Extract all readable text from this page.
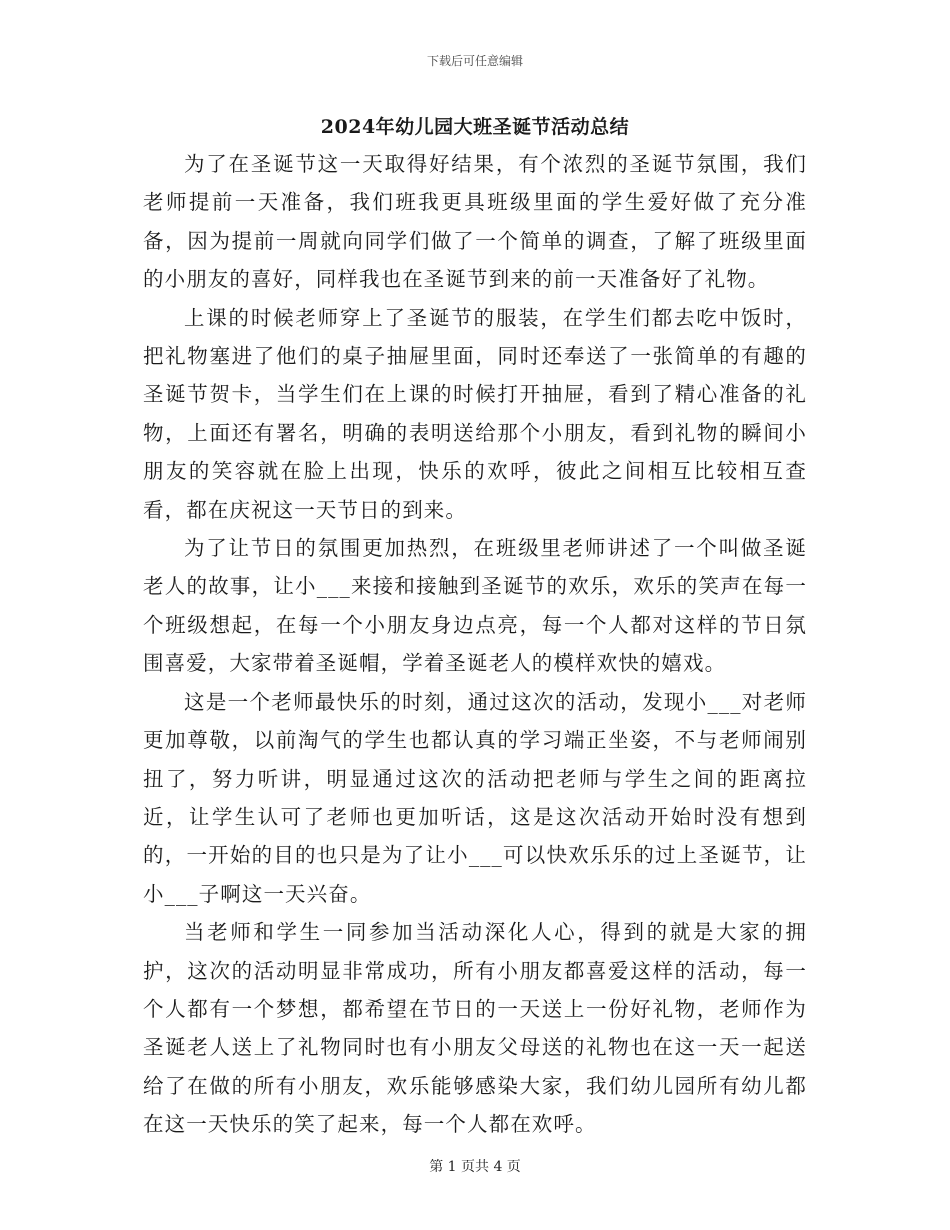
下载后可任意编辑
2024年幼儿园大班圣诞节活动总结

为了在圣诞节这一天取得好结果，有个浓烈的圣诞节氛围，我们老师提前一天准备，我们班我更具班级里面的学生爱好做了充分准备，因为提前一周就向同学们做了一个简单的调查，了解了班级里面的小朋友的喜好，同样我也在圣诞节到来的前一天准备好了礼物。

上课的时候老师穿上了圣诞节的服装，在学生们都去吃中饭时，把礼物塞进了他们的桌子抽屉里面，同时还奉送了一张简单的有趣的圣诞节贺卡，当学生们在上课的时候打开抽屉，看到了精心准备的礼物，上面还有署名，明确的表明送给那个小朋友，看到礼物的瞬间小朋友的笑容就在脸上出现，快乐的欢呼，彼此之间相互比较相互查看，都在庆祝这一天节日的到来。

为了让节日的氛围更加热烈，在班级里老师讲述了一个叫做圣诞老人的故事，让小___来接和接触到圣诞节的欢乐，欢乐的笑声在每一个班级想起，在每一个小朋友身边点亮，每一个人都对这样的节日氛围喜爱，大家带着圣诞帽，学着圣诞老人的模样欢快的嬉戏。

这是一个老师最快乐的时刻，通过这次的活动，发现小___对老师更加尊敬，以前淘气的学生也都认真的学习端正坐姿，不与老师闹别扭了，努力听讲，明显通过这次的活动把老师与学生之间的距离拉近，让学生认可了老师也更加听话，这是这次活动开始时没有想到的，一开始的目的也只是为了让小___可以快欢乐乐的过上圣诞节，让小___子啊这一天兴奋。

当老师和学生一同参加当活动深化人心，得到的就是大家的拥护，这次的活动明显非常成功，所有小朋友都喜爱这样的活动，每一个人都有一个梦想，都希望在节日的一天送上一份好礼物，老师作为圣诞老人送上了礼物同时也有小朋友父母送的礼物也在这一天一起送给了在做的所有小朋友，欢乐能够感染大家，我们幼儿园所有幼儿都在这一天快乐的笑了起来，每一个人都在欢呼。

第 1 页共 4 页
